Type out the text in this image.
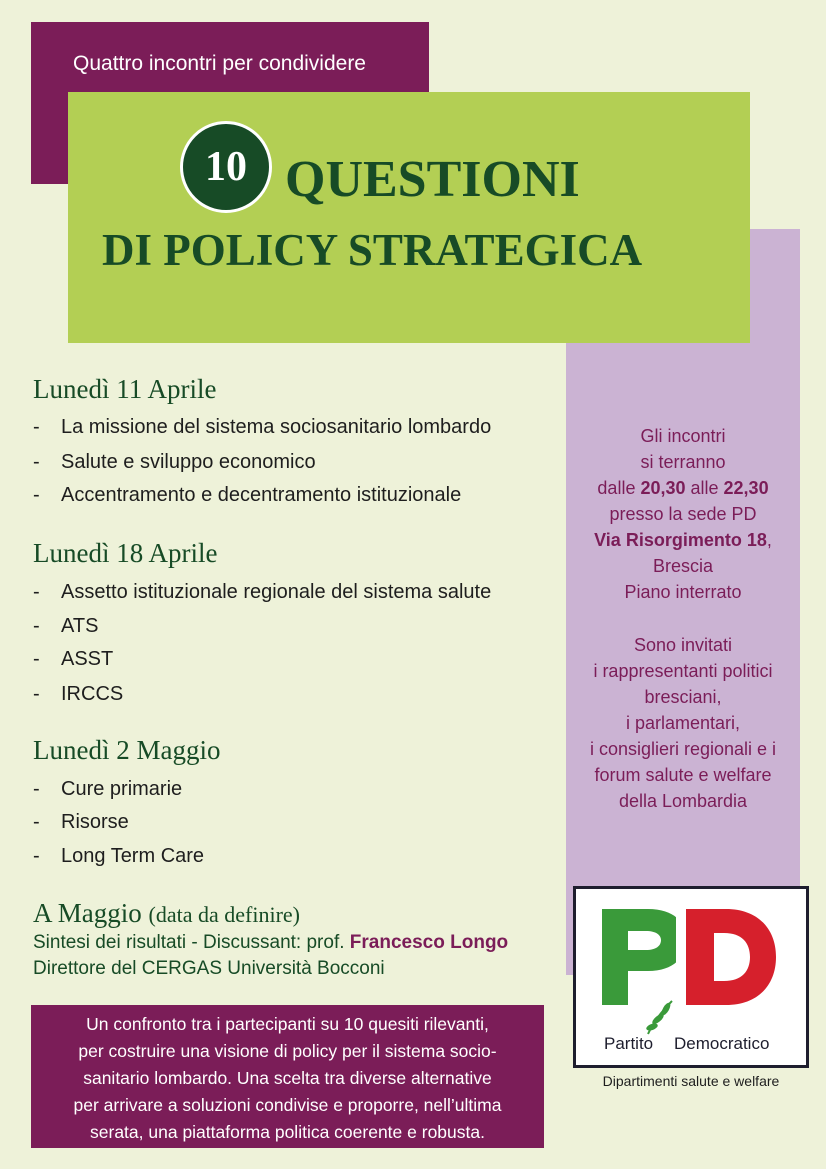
Quattro incontri per condividere
10 QUESTIONI
DI POLICY STRATEGICA
Lunedì 11 Aprile
- La missione del sistema sociosanitario lombardo
- Salute e sviluppo economico
- Accentramento e decentramento istituzionale
Lunedì 18 Aprile
- Assetto istituzionale regionale del sistema salute
- ATS
- ASST
- IRCCS
Lunedì 2 Maggio
- Cure primarie
- Risorse
- Long Term Care
A Maggio (data da definire)
Sintesi dei risultati - Discussant: prof. Francesco Longo
Direttore del CERGAS Università Bocconi
Gli incontri
si terranno
dalle 20,30 alle 22,30
presso la sede PD
Via Risorgimento 18,
Brescia
Piano interrato
Sono invitati
i rappresentanti politici
bresciani,
i parlamentari,
i consiglieri regionali e i
forum salute e welfare
della Lombardia
Un confronto tra i partecipanti su 10 quesiti rilevanti,
per costruire una visione di policy per il sistema socio-
sanitario lombardo. Una scelta tra diverse alternative
per arrivare a soluzioni condivise e proporre, nell’ultima
serata, una piattaforma politica coerente e robusta.
Partito Democratico
Dipartimenti salute e welfare
